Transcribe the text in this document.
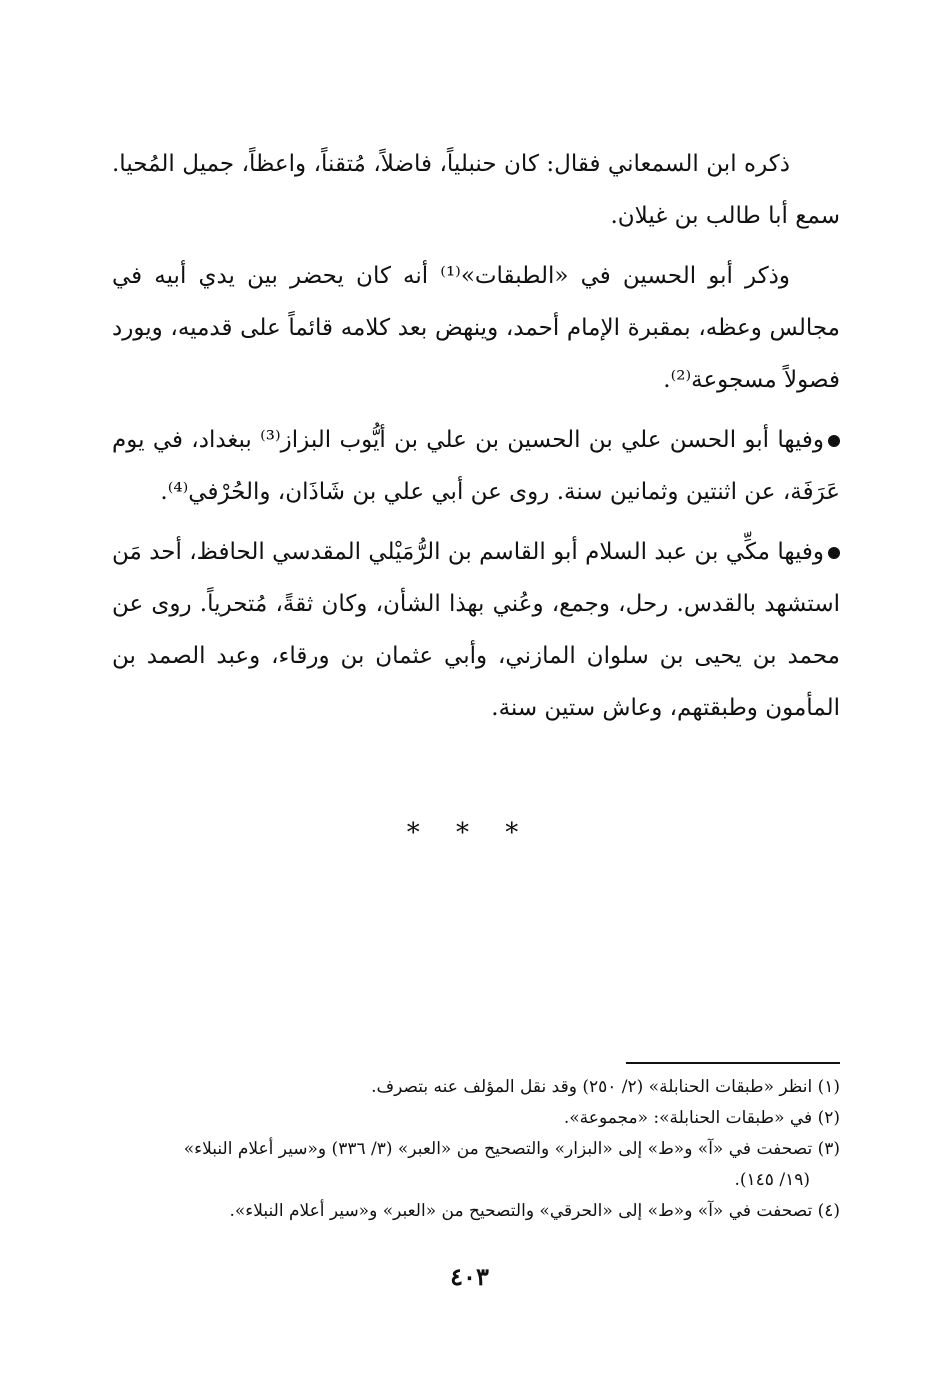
ذكره ابن السمعاني فقال: كان حنبلياً، فاضلاً، مُتقناً، واعظاً، جميل المُحيا. سمع أبا طالب بن غيلان.

وذكر أبو الحسين في «الطبقات»⁽¹⁾ أنه كان يحضر بين يدي أبيه في مجالس وعظه، بمقبرة الإمام أحمد، وينهض بعد كلامه قائماً على قدميه، ويورد فصولاً مسجوعة⁽²⁾.

وفيها أبو الحسن علي بن الحسين بن علي بن أيُّوب البزاز⁽³⁾ ببغداد، في يوم عَرَفَة، عن اثنتين وثمانين سنة. روى عن أبي علي بن شَاذَان، والحُرْفي⁽⁴⁾.

وفيها مكِّي بن عبد السلام أبو القاسم بن الرُّمَيْلي المقدسي الحافظ، أحد مَن استشهد بالقدس. رحل، وجمع، وعُني بهذا الشأن، وكان ثقةً، مُتحرياً. روى عن محمد بن يحيى بن سلوان المازني، وأبي عثمان بن ورقاء، وعبد الصمد بن المأمون وطبقتهم، وعاش ستين سنة.

* * *

(١) انظر «طبقات الحنابلة» (٢/ ٢٥٠) وقد نقل المؤلف عنه بتصرف.

(٢) في «طبقات الحنابلة»: «مجموعة».

(٣) تصحفت في «آ» و«ط» إلى «البزار» والتصحيح من «العبر» (٣/ ٣٣٦) و«سير أعلام النبلاء»

(١٩/ ١٤٥).

(٤) تصحفت في «آ» و«ط» إلى «الحرقي» والتصحيح من «العبر» و«سير أعلام النبلاء».

٤٠٣
